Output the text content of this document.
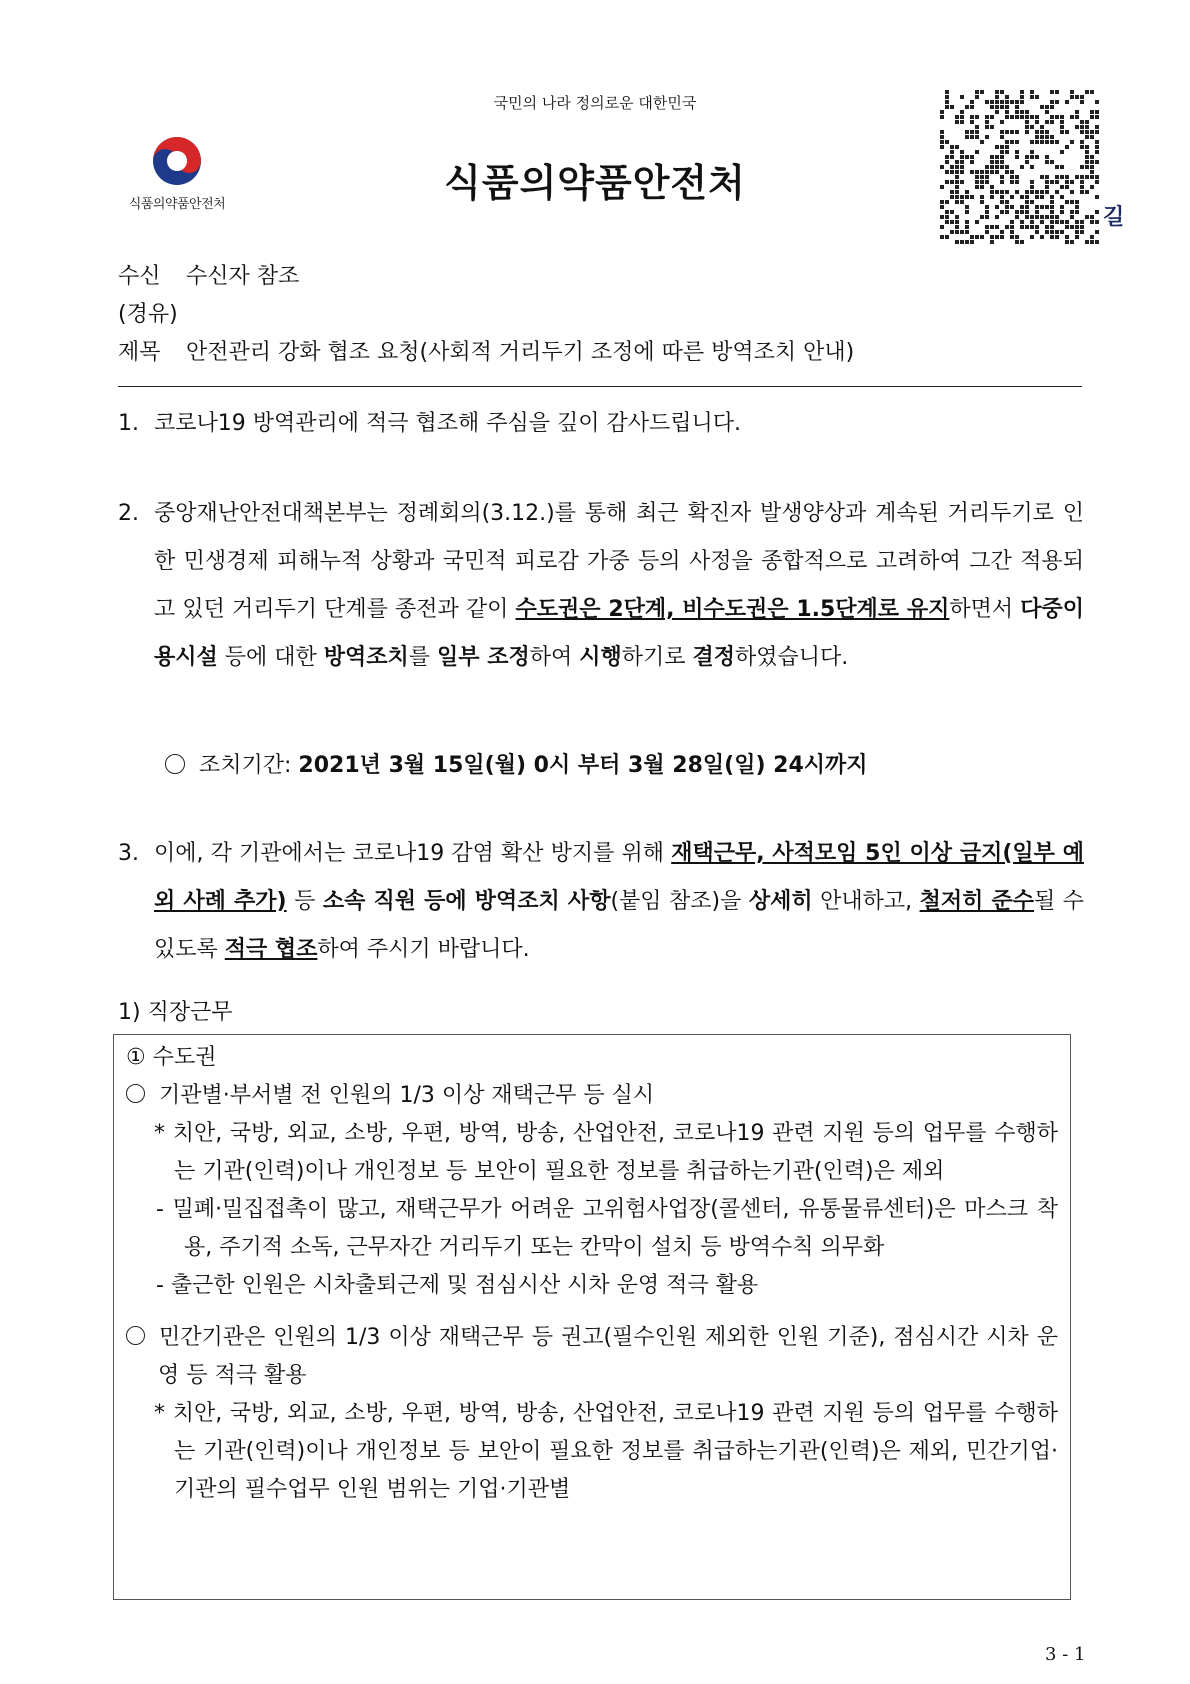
국민의 나라 정의로운 대한민국
식품의약품안전처	식품의약품안전처
길
수신 수신자 참조
(경유)
제목 안전관리 강화 협조 요청(사회적 거리두기 조정에 따른 방역조치 안내)
1. 코로나19 방역관리에 적극 협조해 주심을 깊이 감사드립니다.
2. 중앙재난안전대책본부는 정례회의(3.12.)를 통해 최근 확진자 발생양상과 계속된 거리두기로 인한 민생경제 피해누적 상황과 국민적 피로감 가중 등의 사정을 종합적으로 고려하여 그간 적용되고 있던 거리두기 단계를 종전과 같이 수도권은 2단계, 비수도권은 1.5단계로 유지하면서 다중이용시설 등에 대한 방역조치를 일부 조정하여 시행하기로 결정하였습니다.
조치기간: 2021년 3월 15일(월) 0시 부터 3월 28일(일) 24시까지
3. 이에, 각 기관에서는 코로나19 감염 확산 방지를 위해 재택근무, 사적모임 5인 이상 금지(일부 예외 사례 추가) 등 소속 직원 등에 방역조치 사항(붙임 참조)을 상세히 안내하고, 철저히 준수될 수 있도록 적극 협조하여 주시기 바랍니다.
1) 직장근무
① 수도권
기관별·부서별 전 인원의 1/3 이상 재택근무 등 실시
* 치안, 국방, 외교, 소방, 우편, 방역, 방송, 산업안전, 코로나19 관련 지원 등의 업무를 수행하는 기관(인력)이나 개인정보 등 보안이 필요한 정보를 취급하는기관(인력)은 제외
- 밀폐·밀집접촉이 많고, 재택근무가 어려운 고위험사업장(콜센터, 유통물류센터)은 마스크 착용, 주기적 소독, 근무자간 거리두기 또는 칸막이 설치 등 방역수칙 의무화
- 출근한 인원은 시차출퇴근제 및 점심시산 시차 운영 적극 활용
민간기관은 인원의 1/3 이상 재택근무 등 권고(필수인원 제외한 인원 기준), 점심시간 시차 운영 등 적극 활용
* 치안, 국방, 외교, 소방, 우편, 방역, 방송, 산업안전, 코로나19 관련 지원 등의 업무를 수행하는 기관(인력)이나 개인정보 등 보안이 필요한 정보를 취급하는기관(인력)은 제외, 민간기업·기관의 필수업무 인원 범위는 기업·기관별
3 - 1
